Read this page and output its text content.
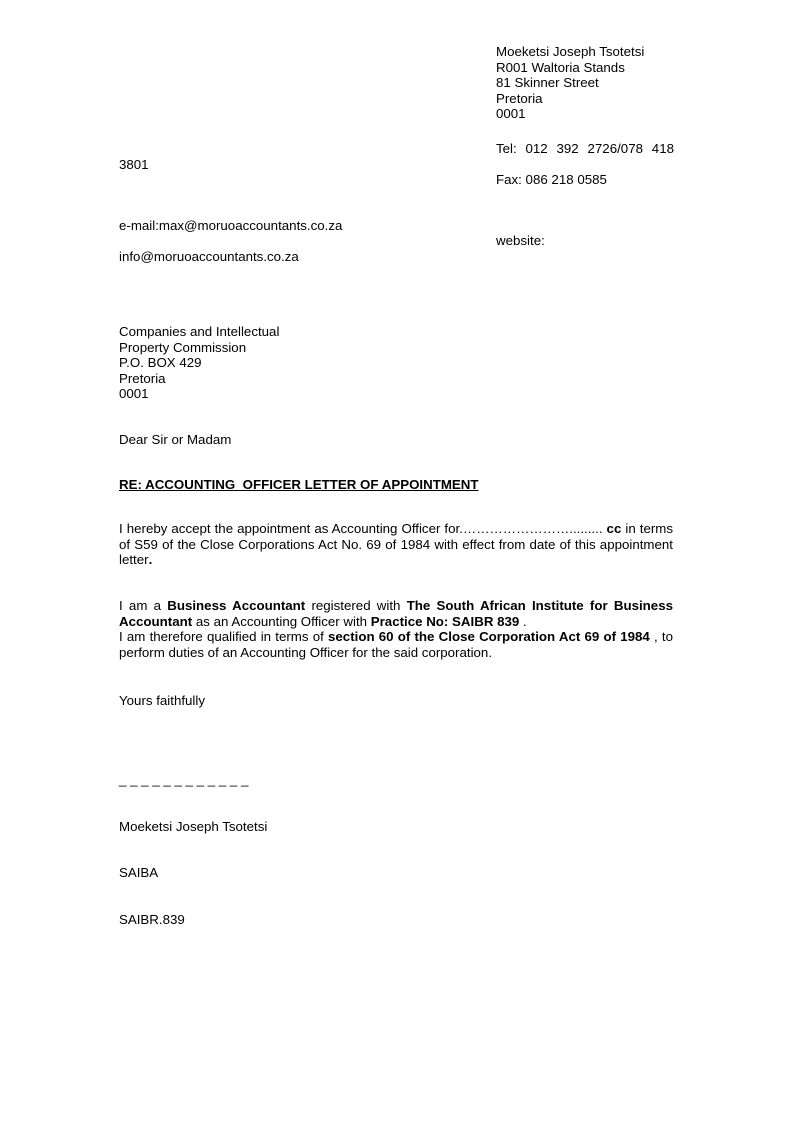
Moeketsi Joseph Tsotetsi
R001 Waltoria Stands
81 Skinner Street
Pretoria
0001
Tel: 012 392 2726/078 418
3801
Fax: 086 218 0585
e-mail:max@moruoaccountants.co.za
website:
info@moruoaccountants.co.za
Companies and Intellectual
Property Commission
P.O. BOX 429
Pretoria
0001
Dear Sir or Madam
RE: ACCOUNTING  OFFICER LETTER OF APPOINTMENT
I hereby accept the appointment as Accounting Officer for.……………………......... cc in terms of S59 of the Close Corporations Act No. 69 of 1984 with effect from date of this appointment letter.
I am a Business Accountant registered with The South African Institute for Business Accountant as an Accounting Officer with Practice No: SAIBR 839 .
I am therefore qualified in terms of section 60 of the Close Corporation Act 69 of 1984 , to perform duties of an Accounting Officer for the said corporation.
Yours faithfully

_ _ _ _ _ _ _ _ _ _ _ _

Moeketsi Joseph Tsotetsi

SAIBA

SAIBR.839
